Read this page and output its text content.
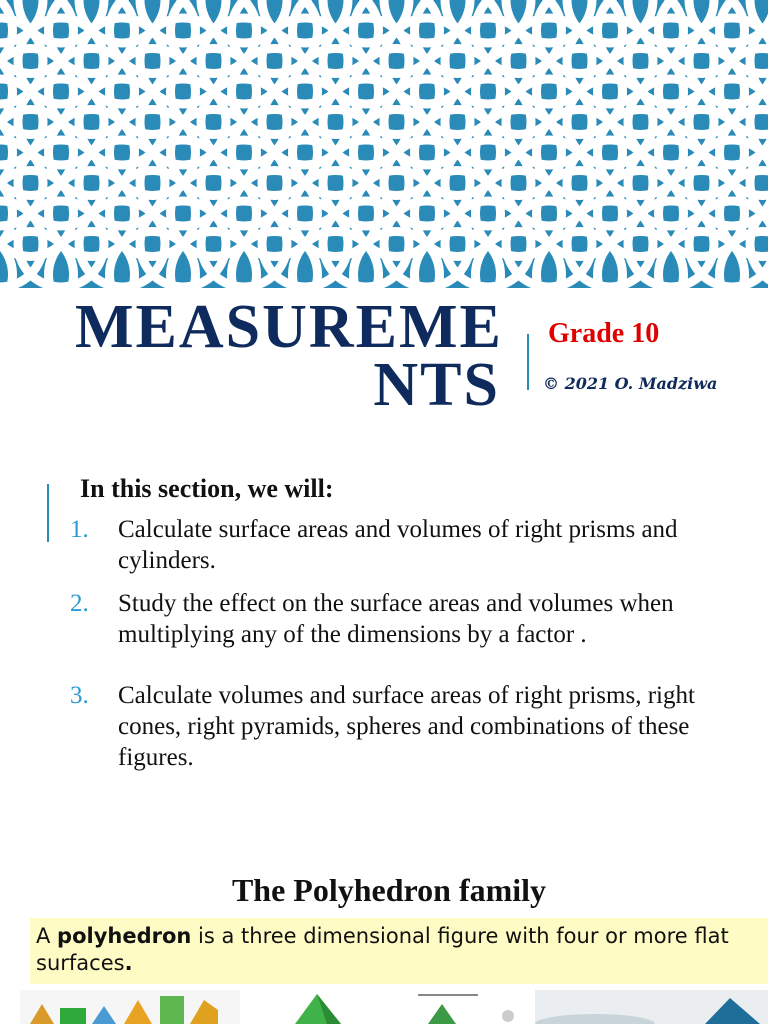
MEASUREME
NTS
Grade 10
© 2021 O. Madziwa
In this section, we will:
1.	Calculate surface areas and volumes of right prisms and cylinders.
2.	Study the effect on the surface areas and volumes when multiplying any of the dimensions by a factor .
3.	Calculate volumes and surface areas of right prisms, right cones, right pyramids, spheres and combinations of these figures.
The Polyhedron family
A polyhedron is a three dimensional figure with four or more flat surfaces.
